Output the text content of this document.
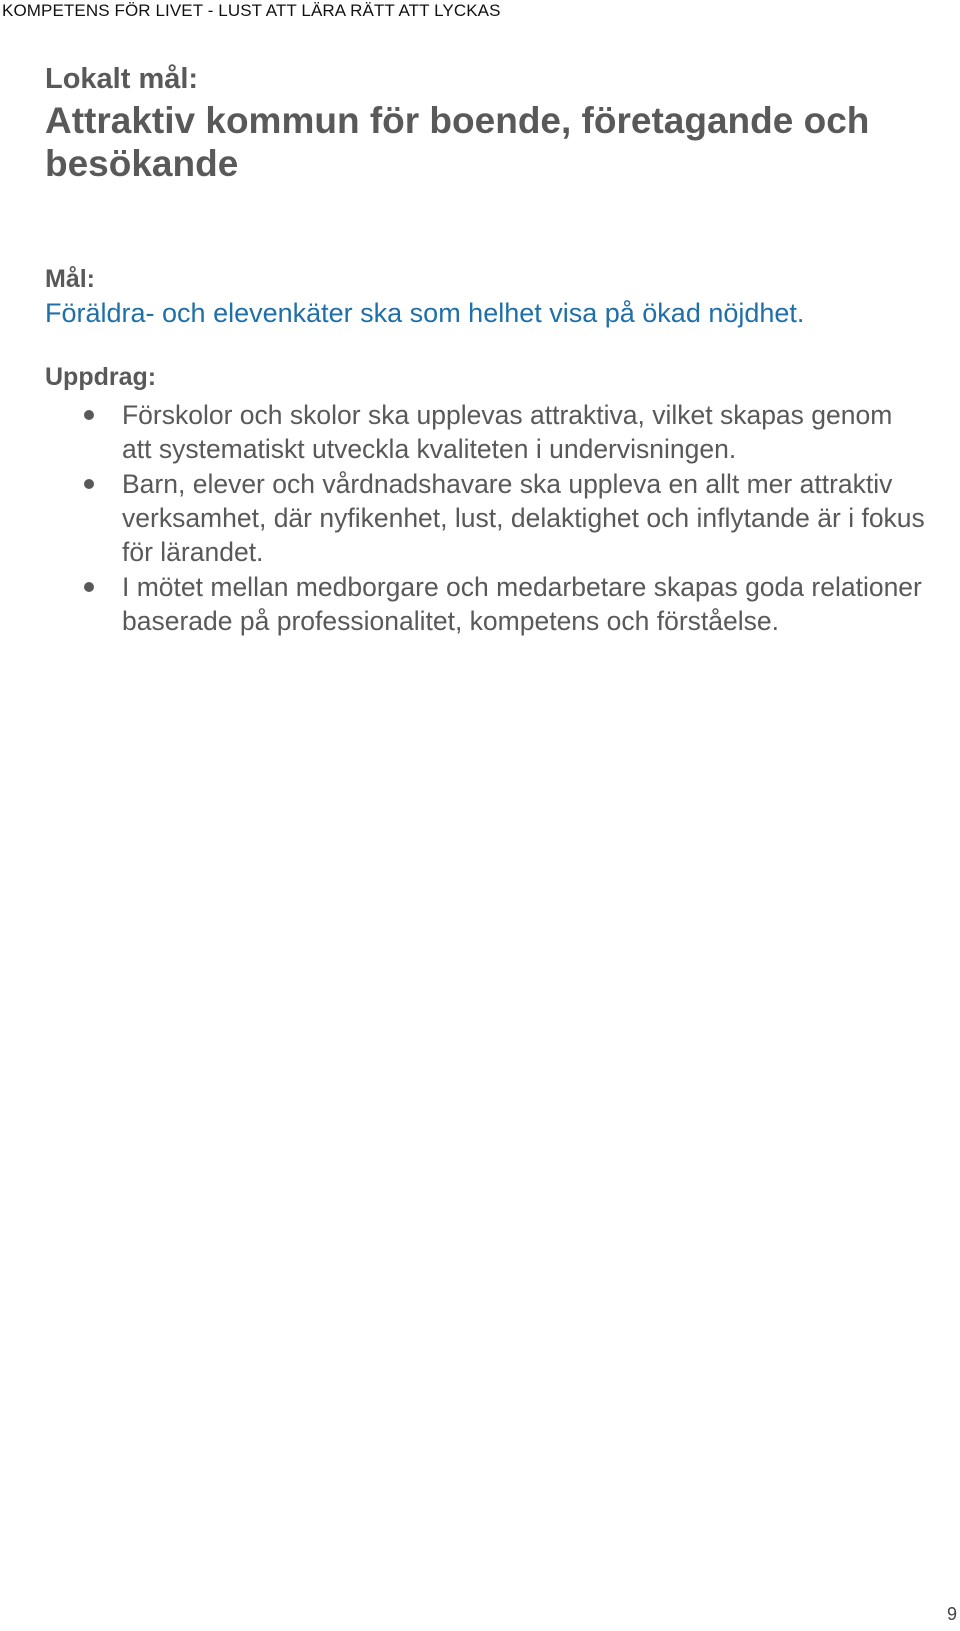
KOMPETENS FÖR LIVET - LUST ATT LÄRA RÄTT ATT LYCKAS
Lokalt mål:
Attraktiv kommun för boende, företagande och besökande
Mål:
Föräldra- och elevenkäter ska som helhet visa på ökad nöjdhet.
Uppdrag:
Förskolor och skolor ska upplevas attraktiva, vilket skapas genom att systematiskt utveckla kvaliteten i undervisningen.
Barn, elever och vårdnadshavare ska uppleva en allt mer attraktiv verksamhet, där nyfikenhet, lust, delaktighet och inflytande är i fokus för lärandet.
I mötet mellan medborgare och medarbetare skapas goda relationer baserade på professionalitet, kompetens och förståelse.
9
